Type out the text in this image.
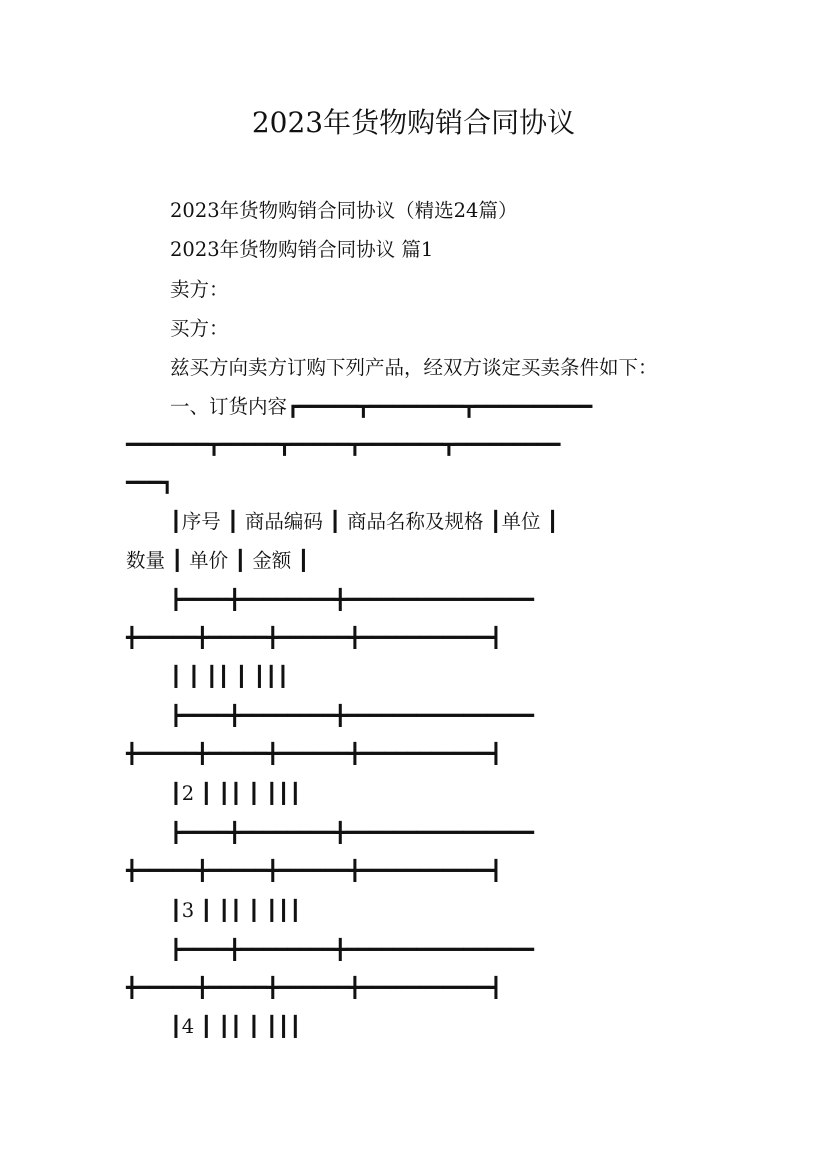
2023年货物购销合同协议
2023年货物购销合同协议（精选24篇）
2023年货物购销合同协议 篇1
卖方：
买方：
兹买方向卖方订购下列产品，经双方谈定买卖条件如下：
一、订货内容┏━━━━━┳━━━━━━━━┳━━━━━━━━━━
━━━━━━━┳━━━━━┳━━━━━┳━━━━━━━┳━━━━━━━━━
━━━┓
┃序号 ┃ 商品编码 ┃ 商品名称及规格 ┃单位 ┃
数量 ┃ 单价 ┃ 金额 ┃
┣━━━━╋━━━━━━━━╋━━━━━━━━━━━━━━━━
╋━━━━━╋━━━━━╋━━━━━━╋━━━━━━━━━━━┫
┃ ┃ ┃┃ ┃ ┃┃┃
┣━━━━╋━━━━━━━━╋━━━━━━━━━━━━━━━━
╋━━━━━╋━━━━━╋━━━━━━╋━━━━━━━━━━━┫
┃2 ┃ ┃┃ ┃ ┃┃┃
┣━━━━╋━━━━━━━━╋━━━━━━━━━━━━━━━━
╋━━━━━╋━━━━━╋━━━━━━╋━━━━━━━━━━━┫
┃3 ┃ ┃┃ ┃ ┃┃┃
┣━━━━╋━━━━━━━━╋━━━━━━━━━━━━━━━━
╋━━━━━╋━━━━━╋━━━━━━╋━━━━━━━━━━━┫
┃4 ┃ ┃┃ ┃ ┃┃┃
